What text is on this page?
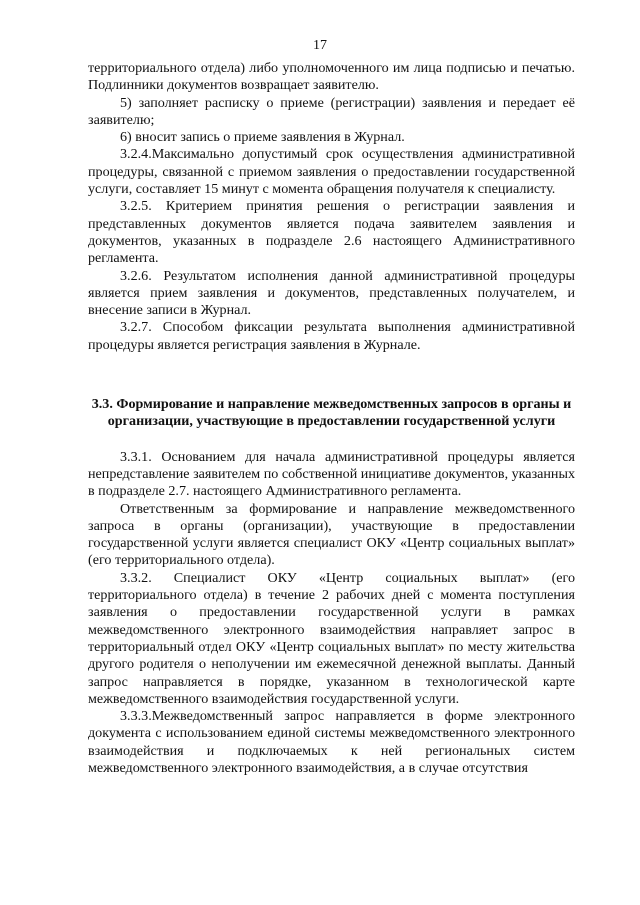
17

территориального отдела) либо уполномоченного им лица подписью и печатью. Подлинники документов возвращает заявителю.

5) заполняет расписку о приеме (регистрации) заявления и передает её заявителю;

6) вносит запись о приеме заявления в Журнал.

3.2.4.Максимально допустимый срок осуществления административной процедуры, связанной с приемом заявления о предоставлении государственной услуги, составляет 15 минут с момента обращения получателя к специалисту.

3.2.5. Критерием принятия решения о регистрации заявления и представленных документов является подача заявителем заявления и документов, указанных в подразделе 2.6 настоящего Административного регламента.

3.2.6. Результатом исполнения данной административной процедуры является прием заявления и документов, представленных получателем, и внесение записи в Журнал.

3.2.7. Способом фиксации результата выполнения административной процедуры является регистрация заявления в Журнале.

3.3. Формирование и направление межведомственных запросов в органы и организации, участвующие в предоставлении государственной услуги

3.3.1. Основанием для начала административной процедуры является непредставление заявителем по собственной инициативе документов, указанных в подразделе 2.7. настоящего Административного регламента.

Ответственным за формирование и направление межведомственного запроса в органы (организации), участвующие в предоставлении государственной услуги является специалист ОКУ «Центр социальных выплат» (его территориального отдела).

3.3.2. Специалист ОКУ «Центр социальных выплат» (его территориального отдела) в течение 2 рабочих дней с момента поступления заявления о предоставлении государственной услуги в рамках межведомственного электронного взаимодействия направляет запрос в территориальный отдел ОКУ «Центр социальных выплат» по месту жительства другого родителя о неполучении им ежемесячной денежной выплаты. Данный запрос направляется в порядке, указанном в технологической карте межведомственного взаимодействия государственной услуги.

3.3.3.Межведомственный запрос направляется в форме электронного документа с использованием единой системы межведомственного электронного взаимодействия и подключаемых к ней региональных систем межведомственного электронного взаимодействия, а в случае отсутствия
